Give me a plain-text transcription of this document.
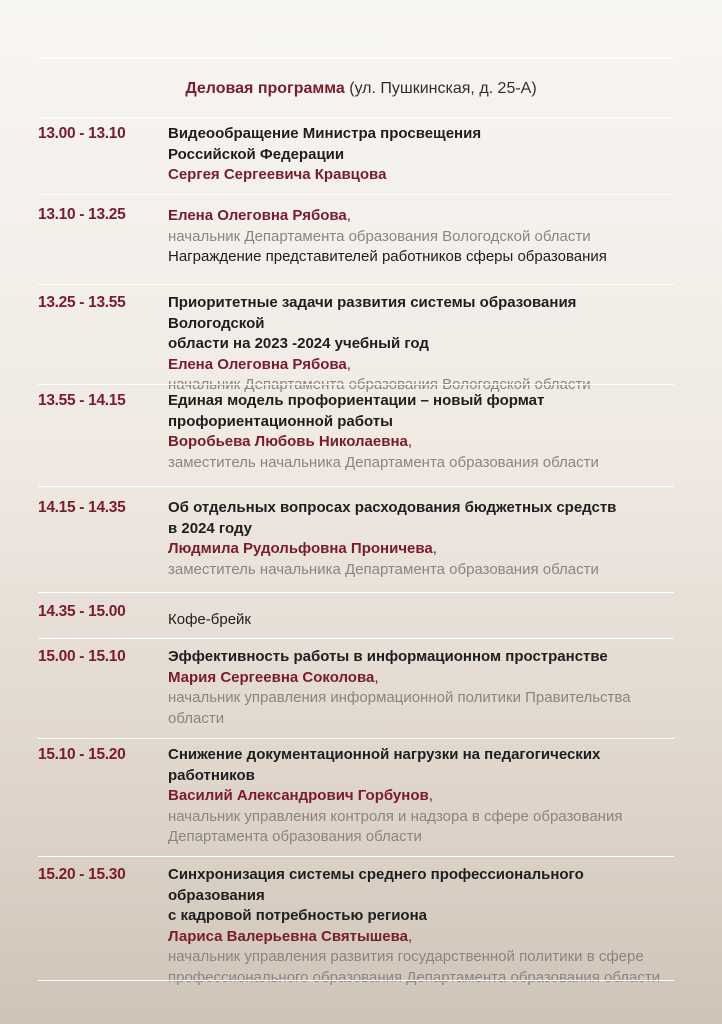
Деловая программа (ул. Пушкинская, д. 25-А)
13.00 - 13.10	Видеообращение Министра просвещения
Российской Федерации
Сергея Сергеевича Кравцова
13.10 - 13.25	Елена Олеговна Рябова,
начальник Департамента образования Вологодской области
Награждение представителей работников сферы образования
13.25 - 13.55	Приоритетные задачи развития системы образования Вологодской
области на 2023 -2024 учебный год
Елена Олеговна Рябова,
начальник Департамента образования Вологодской области
13.55 - 14.15	Единая модель профориентации – новый формат
профориентационной работы
Воробьева Любовь Николаевна,
заместитель начальника Департамента образования области
14.15 - 14.35	Об отдельных вопросах расходования бюджетных средств
в 2024 году
Людмила Рудольфовна Проничева,
заместитель начальника Департамента образования области
14.35 - 15.00	Кофе-брейк
15.00 - 15.10	Эффективность работы в информационном пространстве
Мария Сергеевна Соколова,
начальник управления информационной политики Правительства
области
15.10 - 15.20	Снижение документационной нагрузки на педагогических
работников
Василий Александрович Горбунов,
начальник управления контроля и надзора в сфере образования
Департамента образования области
15.20 - 15.30	Синхронизация системы среднего профессионального образования
с кадровой потребностью региона
Лариса Валерьевна Святышева,
начальник управления развития государственной политики в сфере
профессионального образования Департамента образования области
